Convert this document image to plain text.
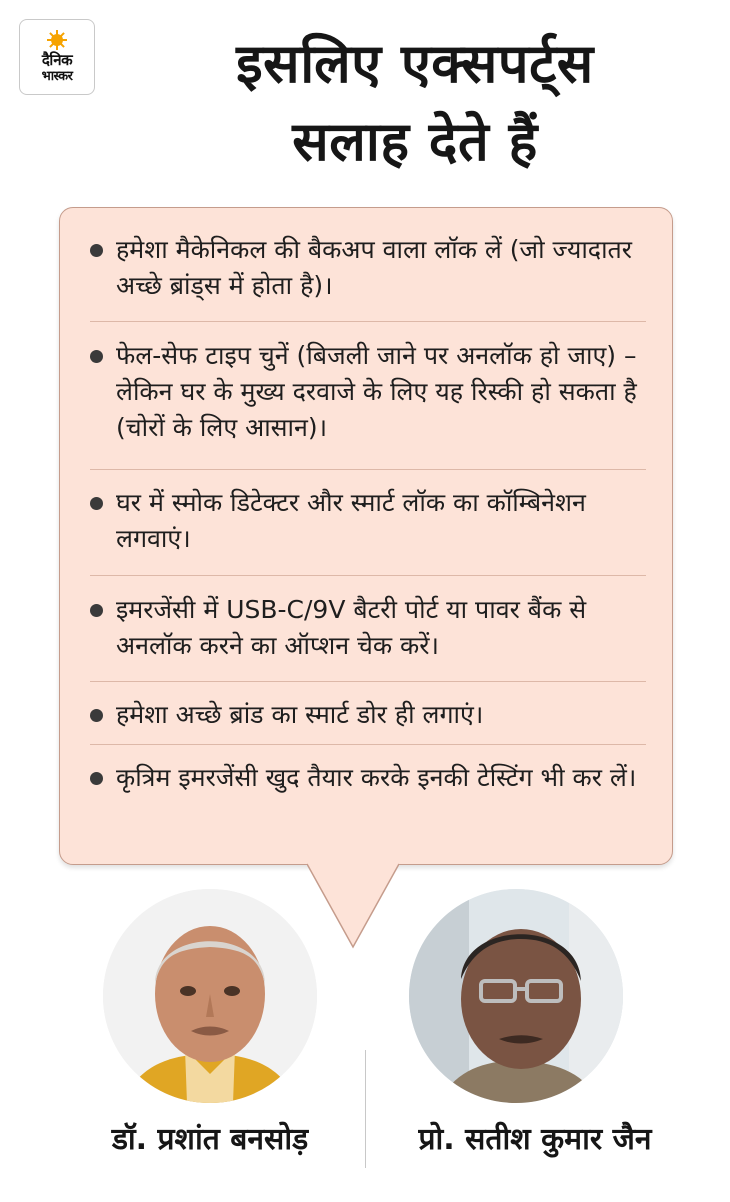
दैनिक
भास्कर	इसलिए एक्सपर्ट्स
सलाह देते हैं
हमेशा मैकेनिकल की बैकअप वाला लॉक लें (जो ज्यादातर अच्छे ब्रांड्स में होता है)।
फेल-सेफ टाइप चुनें (बिजली जाने पर अनलॉक हो जाए) – लेकिन घर के मुख्य दरवाजे के लिए यह रिस्की हो सकता है (चोरों के लिए आसान)।
घर में स्मोक डिटेक्टर और स्मार्ट लॉक का कॉम्बिनेशन लगवाएं।
इमरजेंसी में USB-C/9V बैटरी पोर्ट या पावर बैंक से अनलॉक करने का ऑप्शन चेक करें।
हमेशा अच्छे ब्रांड का स्मार्ट डोर ही लगाएं।
कृत्रिम इमरजेंसी खुद तैयार करके इनकी टेस्टिंग भी कर लें।
डॉ. प्रशांत बनसोड़	प्रो. सतीश कुमार जैन
